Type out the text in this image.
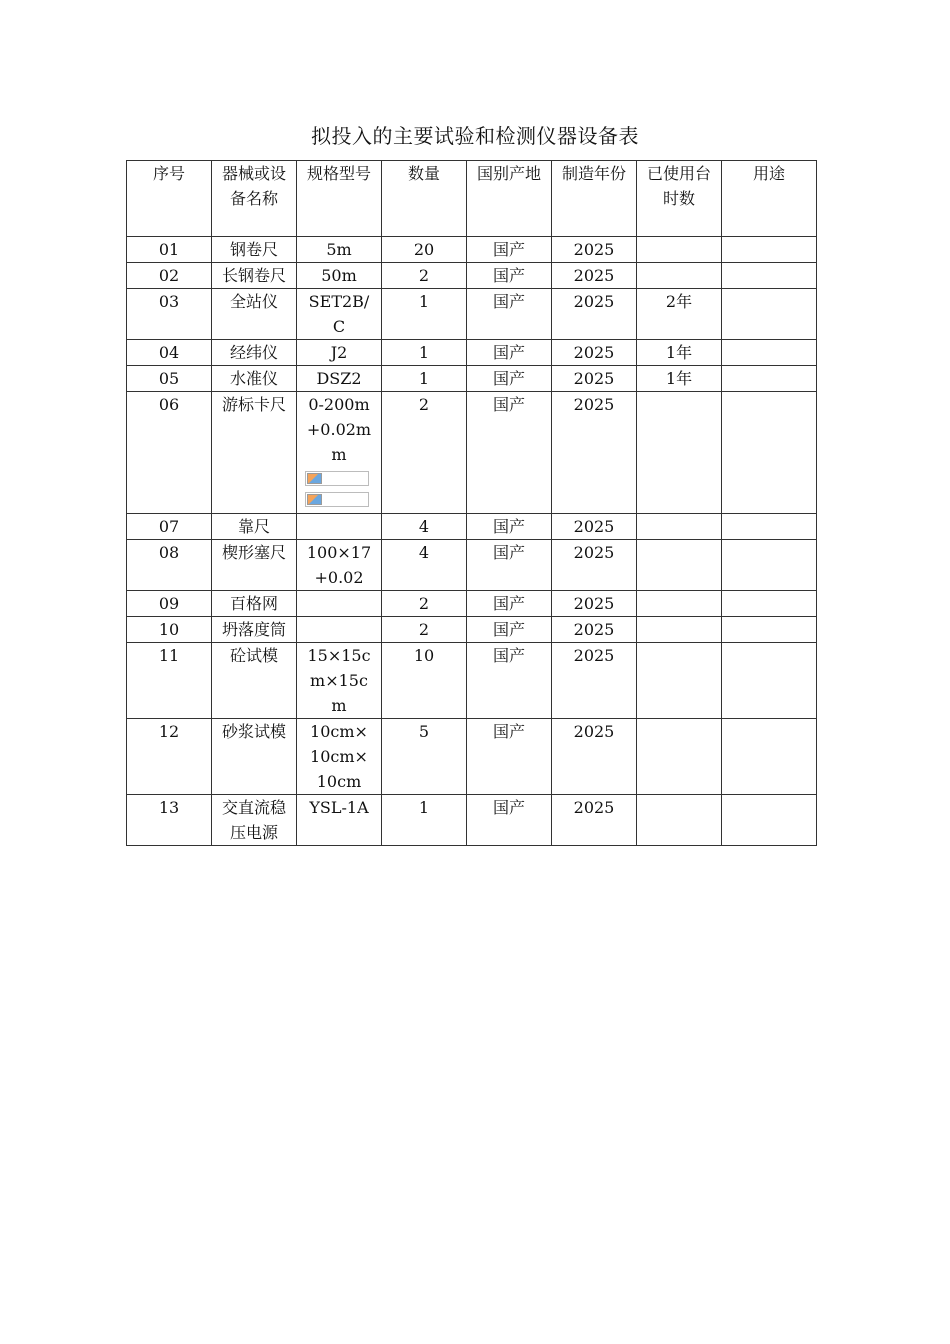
拟投入的主要试验和检测仪器设备表
序号	器械或设备名称	规格型号	数量	国别产地	制造年份	已使用台时数	用途
01	钢卷尺	5m	20	国产	2025		
02	长钢卷尺	50m	2	国产	2025		
03	全站仪	SET2B/C	1	国产	2025	2年	
04	经纬仪	J2	1	国产	2025	1年	
05	水准仪	DSZ2	1	国产	2025	1年	
06	游标卡尺	0-200m+0.02mm	2	国产	2025		
07	靠尺		4	国产	2025		
08	楔形塞尺	100×17+0.02	4	国产	2025		
09	百格网		2	国产	2025		
10	坍落度筒		2	国产	2025		
11	砼试模	15×15cm×15cm	10	国产	2025		
12	砂浆试模	10cm×10cm×10cm	5	国产	2025		
13	交直流稳压电源	YSL-1A	1	国产	2025		
